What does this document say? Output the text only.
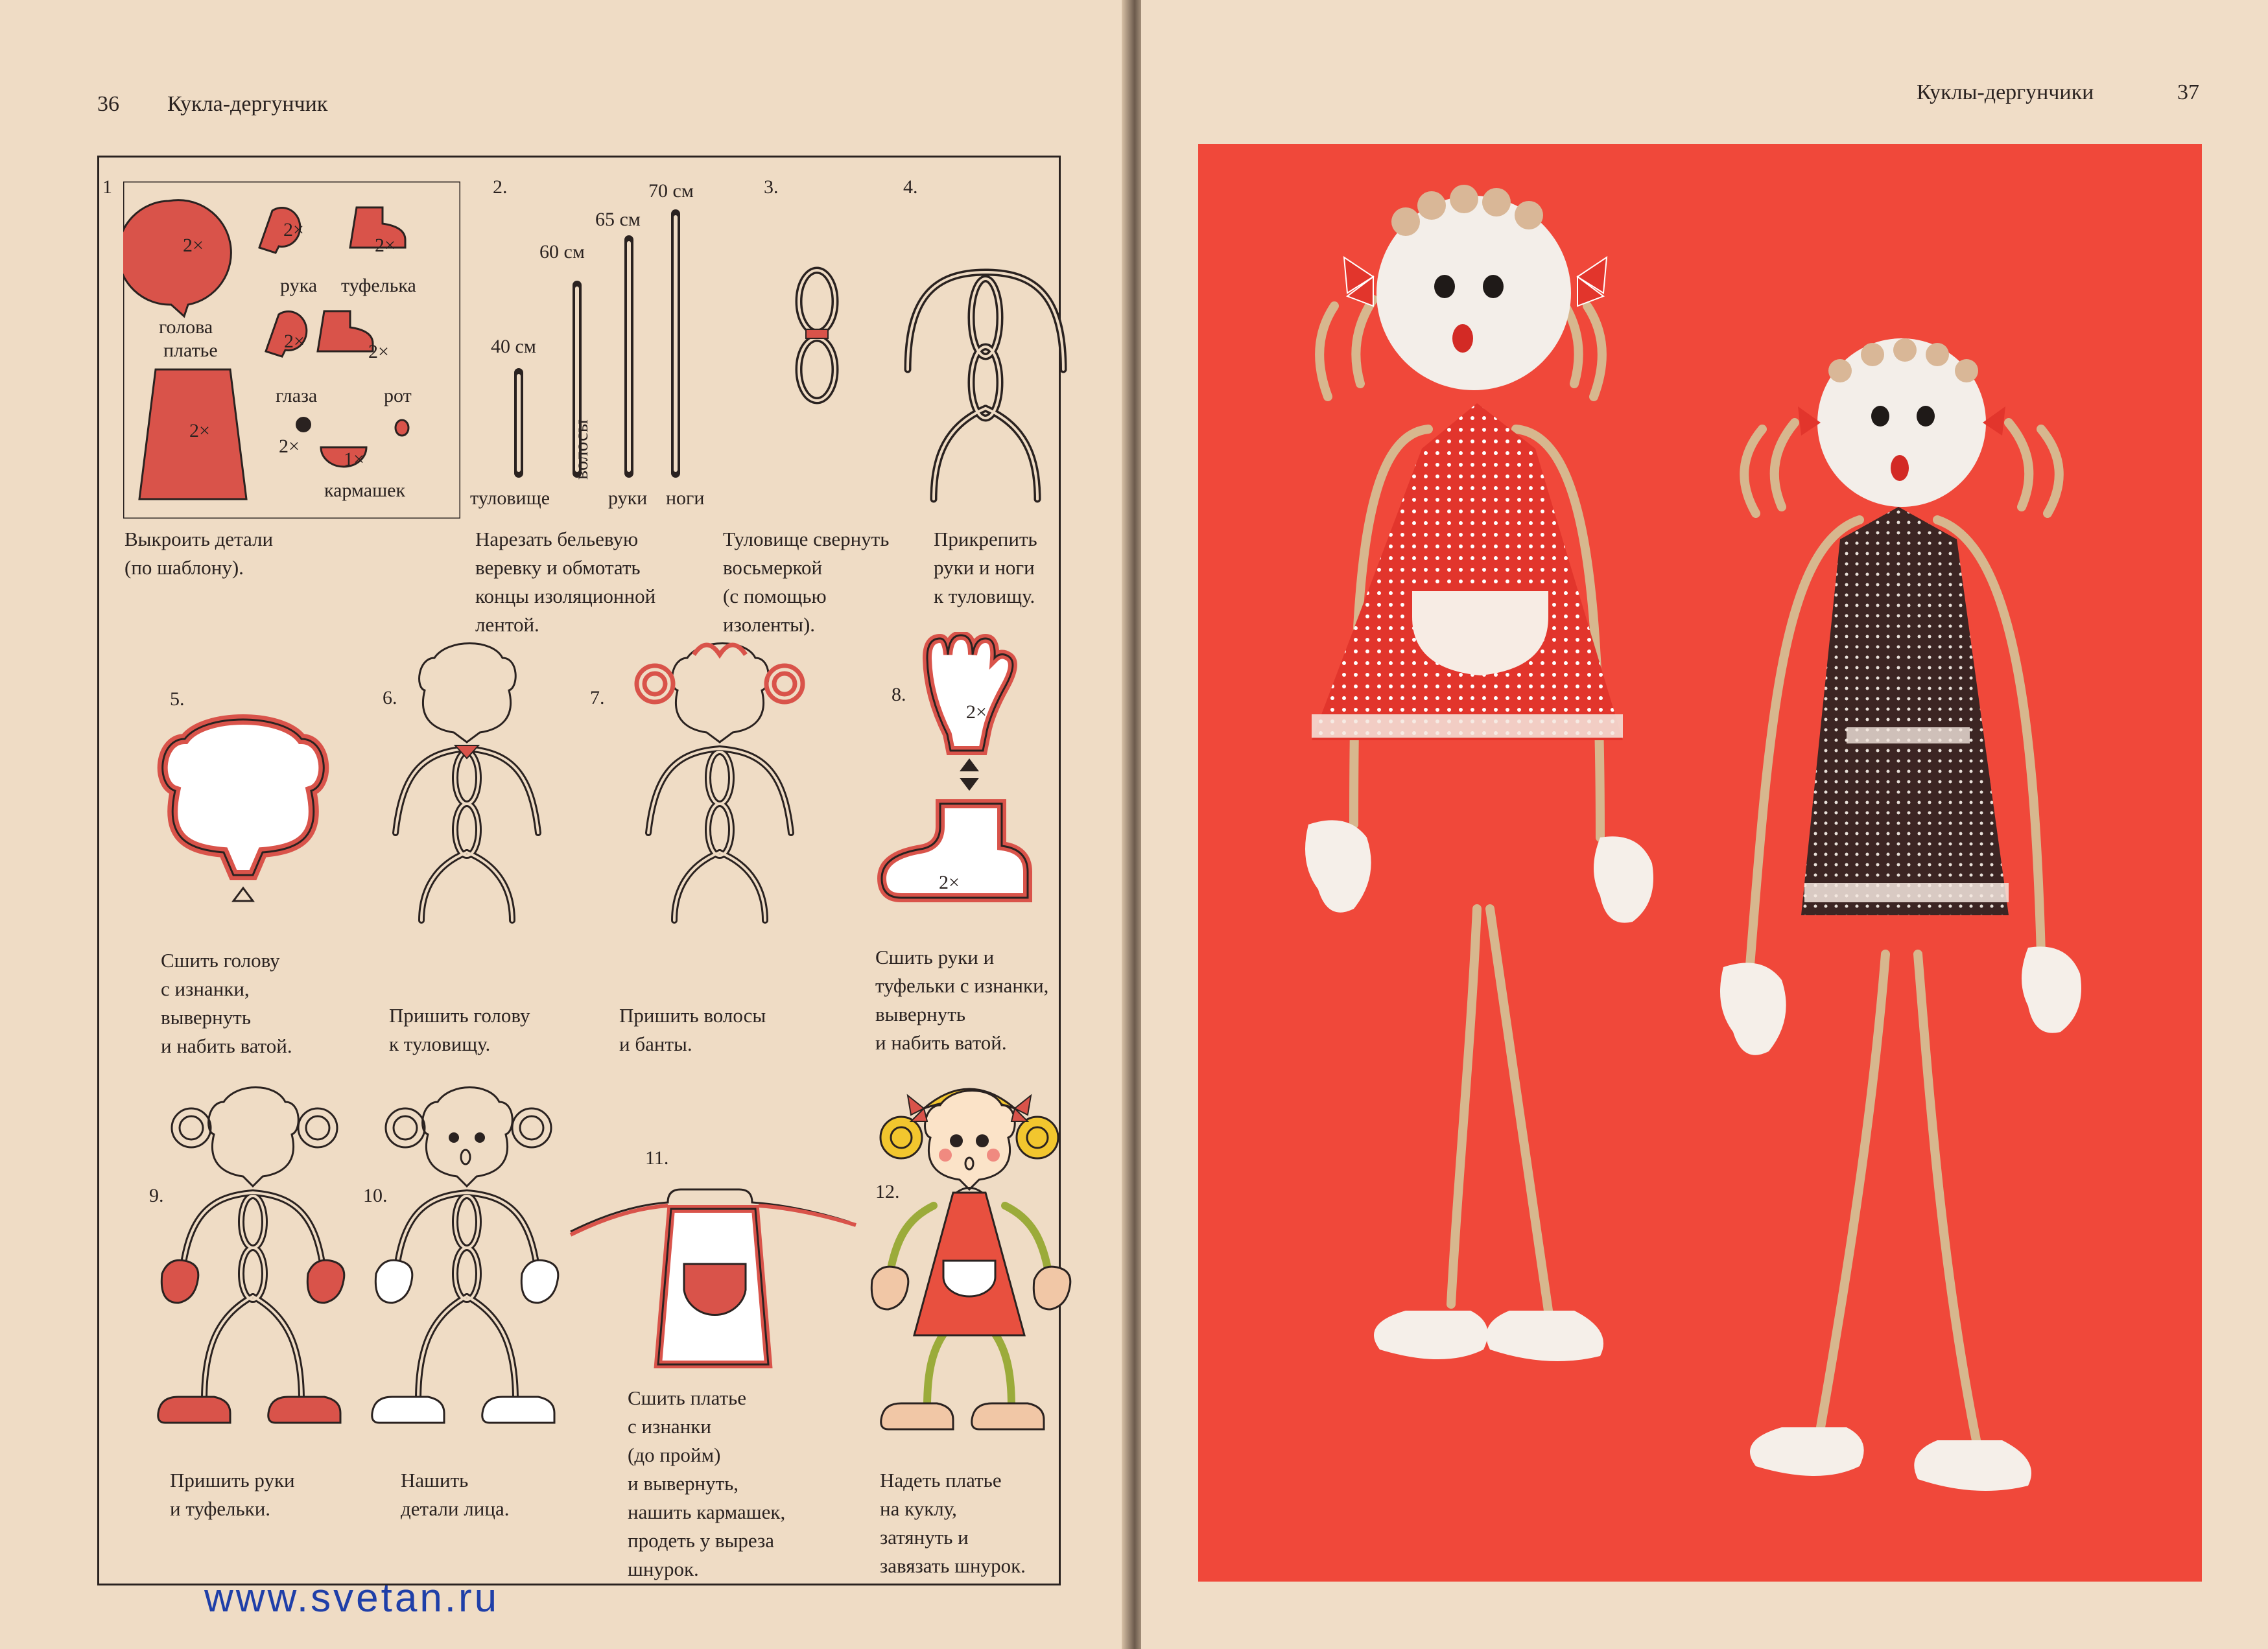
36 Кукла-дергунчик
1
2×
2×
2×
голова
платье
рука туфелька
2×	2×
глаза	рот
2×
2×
1×
кармашек
Выкроить детали
(по шаблону).
2.
40 см
60 см
65 см
70 см
туловище
волосы
руки ноги
Нарезать бельевую
веревку и обмотать
концы изоляционной
лентой.
3.
Туловище свернуть
восьмеркой
(с помощью
изоленты).
4.
Прикрепить
руки и ноги
к туловищу.
5.
Сшить голову
с изнанки,
вывернуть
и набить ватой.
6.
Пришить голову
к туловищу.
7.
Пришить волосы
и банты.
8.
2×
2×
Сшить руки и
туфельки с изнанки,
вывернуть
и набить ватой.
9.
Пришить руки
и туфельки.
10.
Нашить
детали лица.
11.
Сшить платье
с изнанки
(до пройм)
и вывернуть,
нашить кармашек,
продеть у выреза
шнурок.
12.
Надеть платье
на куклу,
затянуть и
завязать шнурок.
www.svetan.ru
Куклы-дергунчики	37
